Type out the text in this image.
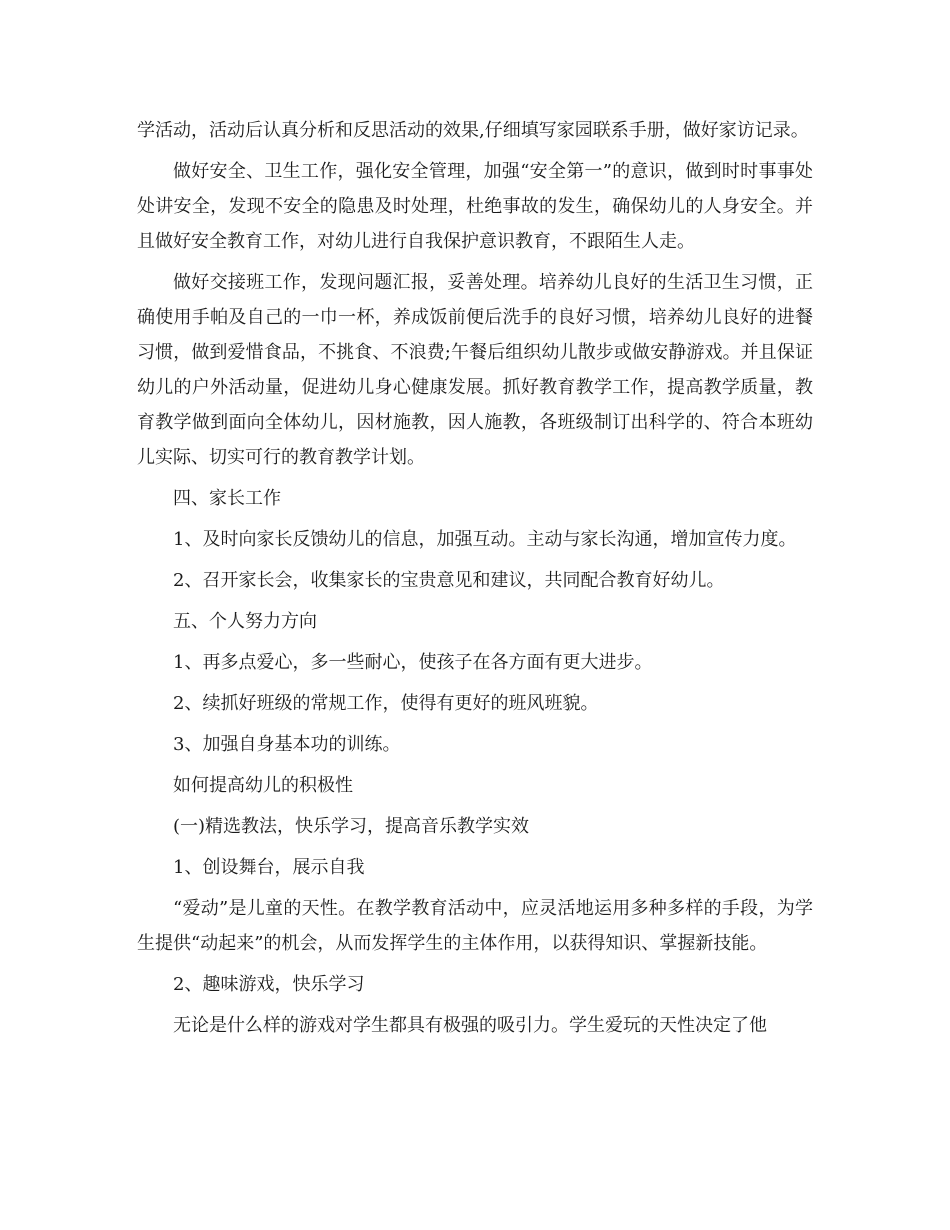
学活动，活动后认真分析和反思活动的效果,仔细填写家园联系手册，做好家访记录。

做好安全、卫生工作，强化安全管理，加强“安全第一”的意识，做到时时事事处处讲安全，发现不安全的隐患及时处理，杜绝事故的发生，确保幼儿的人身安全。并且做好安全教育工作，对幼儿进行自我保护意识教育，不跟陌生人走。

做好交接班工作，发现问题汇报，妥善处理。培养幼儿良好的生活卫生习惯，正确使用手帕及自己的一巾一杯，养成饭前便后洗手的良好习惯，培养幼儿良好的进餐习惯，做到爱惜食品，不挑食、不浪费;午餐后组织幼儿散步或做安静游戏。并且保证幼儿的户外活动量，促进幼儿身心健康发展。抓好教育教学工作，提高教学质量，教育教学做到面向全体幼儿，因材施教，因人施教，各班级制订出科学的、符合本班幼儿实际、切实可行的教育教学计划。

四、家长工作

1、及时向家长反馈幼儿的信息，加强互动。主动与家长沟通，增加宣传力度。

2、召开家长会，收集家长的宝贵意见和建议，共同配合教育好幼儿。

五、个人努力方向

1、再多点爱心，多一些耐心，使孩子在各方面有更大进步。

2、续抓好班级的常规工作，使得有更好的班风班貌。

3、加强自身基本功的训练。

如何提高幼儿的积极性

(一)精选教法，快乐学习，提高音乐教学实效

1、创设舞台，展示自我

“爱动”是儿童的天性。在教学教育活动中，应灵活地运用多种多样的手段，为学生提供“动起来”的机会，从而发挥学生的主体作用，以获得知识、掌握新技能。

2、趣味游戏，快乐学习

无论是什么样的游戏对学生都具有极强的吸引力。学生爱玩的天性决定了他
